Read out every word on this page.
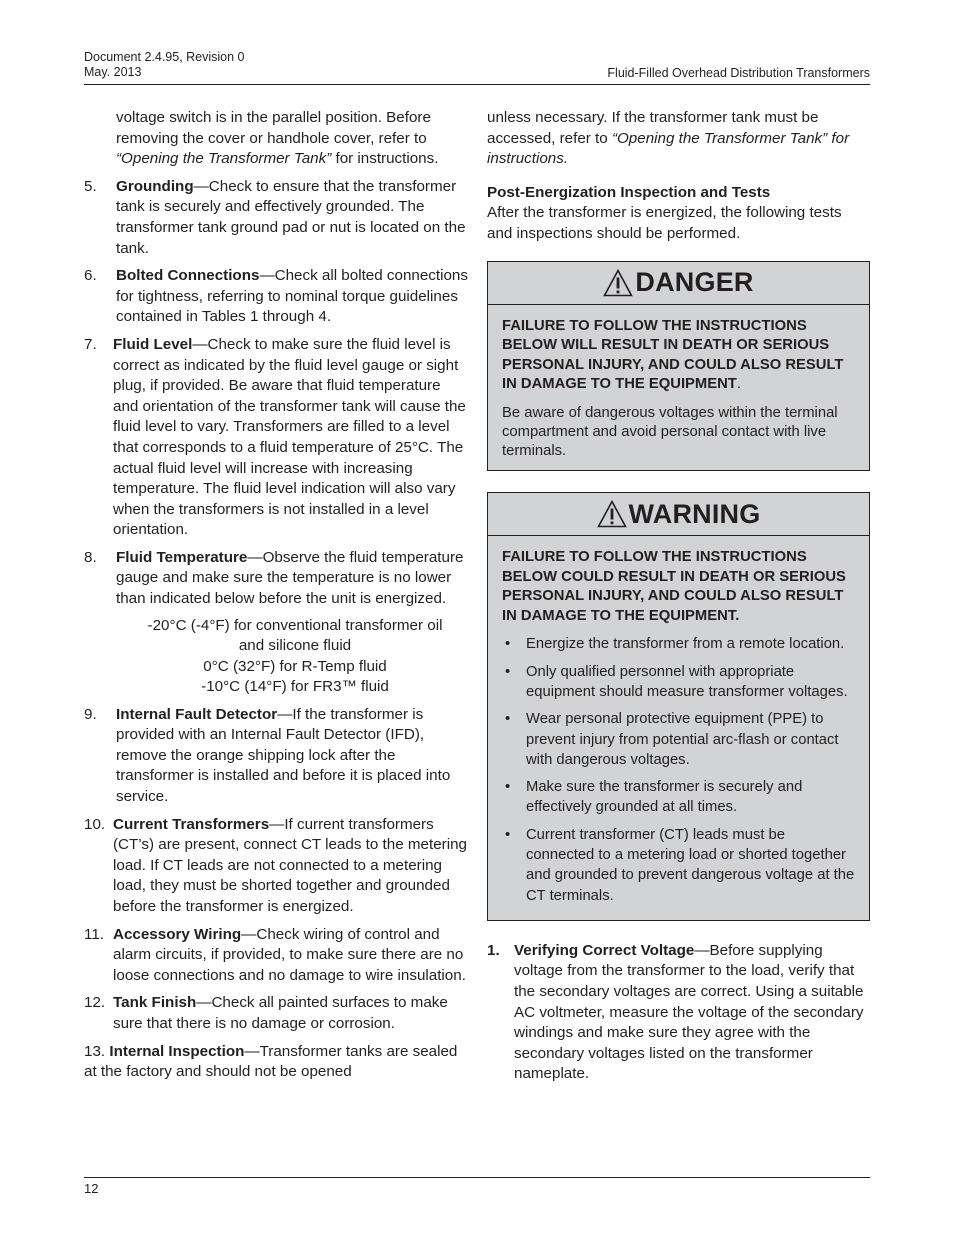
Document 2.4.95, Revision 0
May. 2013	Fluid-Filled Overhead Distribution Transformers

voltage switch is in the parallel position. Before removing the cover or handhole cover, refer to “Opening the Transformer Tank” for instructions.

5. Grounding—Check to ensure that the transformer tank is securely and effectively grounded. The transformer tank ground pad or nut is located on the tank.
6. Bolted Connections—Check all bolted connections for tightness, referring to nominal torque guidelines contained in Tables 1 through 4.
7. Fluid Level—Check to make sure the fluid level is correct as indicated by the fluid level gauge or sight plug, if provided. Be aware that fluid temperature and orientation of the transformer tank will cause the fluid level to vary. Transformers are filled to a level that corresponds to a fluid temperature of 25°C. The actual fluid level will increase with increasing temperature. The fluid level indication will also vary when the transformers is not installed in a level orientation.
8. Fluid Temperature—Observe the fluid temperature gauge and make sure the temperature is no lower than indicated below before the unit is energized.
-20°C (-4°F) for conventional transformer oil
and silicone fluid
0°C (32°F) for R-Temp fluid
-10°C (14°F) for FR3™ fluid
9. Internal Fault Detector—If the transformer is provided with an Internal Fault Detector (IFD), remove the orange shipping lock after the transformer is installed and before it is placed into service.
10. Current Transformers—If current transformers (CT’s) are present, connect CT leads to the metering load. If CT leads are not connected to a metering load, they must be shorted together and grounded before the transformer is energized.
11. Accessory Wiring—Check wiring of control and alarm circuits, if provided, to make sure there are no loose connections and no damage to wire insulation.
12. Tank Finish—Check all painted surfaces to make sure that there is no damage or corrosion.

13. Internal Inspection—Transformer tanks are sealed at the factory and should not be opened

unless necessary. If the transformer tank must be accessed, refer to “Opening the Transformer Tank” for instructions.

Post-Energization Inspection and Tests

After the transformer is energized, the following tests and inspections should be performed.

DANGER

FAILURE TO FOLLOW THE INSTRUCTIONS BELOW WILL RESULT IN DEATH OR SERIOUS PERSONAL INJURY, AND COULD ALSO RESULT IN DAMAGE TO THE EQUIPMENT.

Be aware of dangerous voltages within the terminal compartment and avoid personal contact with live terminals.

WARNING

FAILURE TO FOLLOW THE INSTRUCTIONS BELOW COULD RESULT IN DEATH OR SERIOUS PERSONAL INJURY, AND COULD ALSO RESULT IN DAMAGE TO THE EQUIPMENT.

• Energize the transformer from a remote location.
• Only qualified personnel with appropriate equipment should measure transformer voltages.
• Wear personal protective equipment (PPE) to prevent injury from potential arc-flash or contact with dangerous voltages.
• Make sure the transformer is securely and effectively grounded at all times.
• Current transformer (CT) leads must be connected to a metering load or shorted together and grounded to prevent dangerous voltage at the CT terminals.
1. Verifying Correct Voltage—Before supplying voltage from the transformer to the load, verify that the secondary voltages are correct. Using a suitable AC voltmeter, measure the voltage of the secondary windings and make sure they agree with the secondary voltages listed on the transformer nameplate.
12
